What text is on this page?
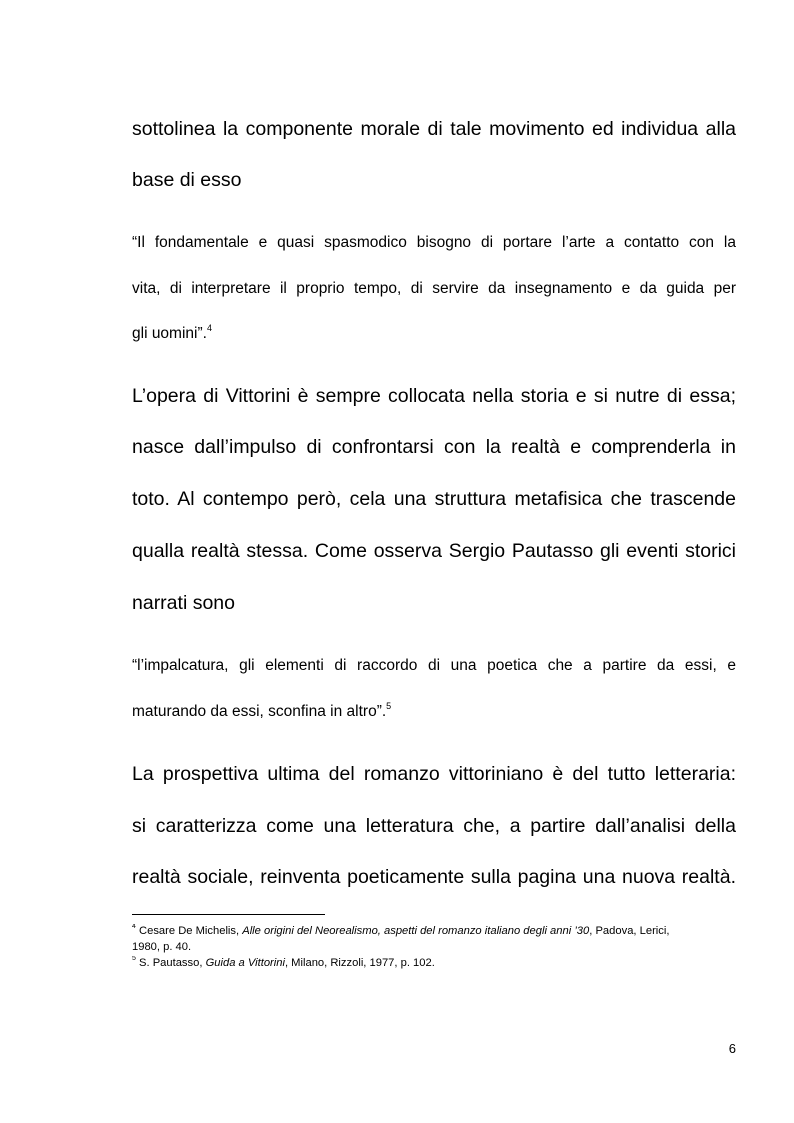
sottolinea la componente morale di tale movimento ed individua alla
base di esso
“Il fondamentale e quasi spasmodico bisogno di portare l’arte a contatto con la
vita, di interpretare il proprio tempo, di servire da insegnamento e da guida per
gli uomini”.$^4$
L’opera di Vittorini è sempre collocata nella storia e si nutre di essa;
nasce dall’impulso di confrontarsi con la realtà e comprenderla in
toto. Al contempo però, cela una struttura metafisica che trascende
qualla realtà stessa. Come osserva Sergio Pautasso gli eventi storici
narrati sono
“l’impalcatura, gli elementi di raccordo di una poetica che a partire da essi, e
maturando da essi, sconfina in altro”.$^5$
La prospettiva ultima del romanzo vittoriniano è del tutto letteraria:
si caratterizza come una letteratura che, a partire dall’analisi della
realtà sociale, reinventa poeticamente sulla pagina una nuova realtà.
$^4$ Cesare De Michelis, Alle origini del Neorealismo, aspetti del romanzo italiano degli anni ’30, Padova, Lerici,
1980, p. 40.
$^5$ S. Pautasso, Guida a Vittorini, Milano, Rizzoli, 1977, p. 102.
6
